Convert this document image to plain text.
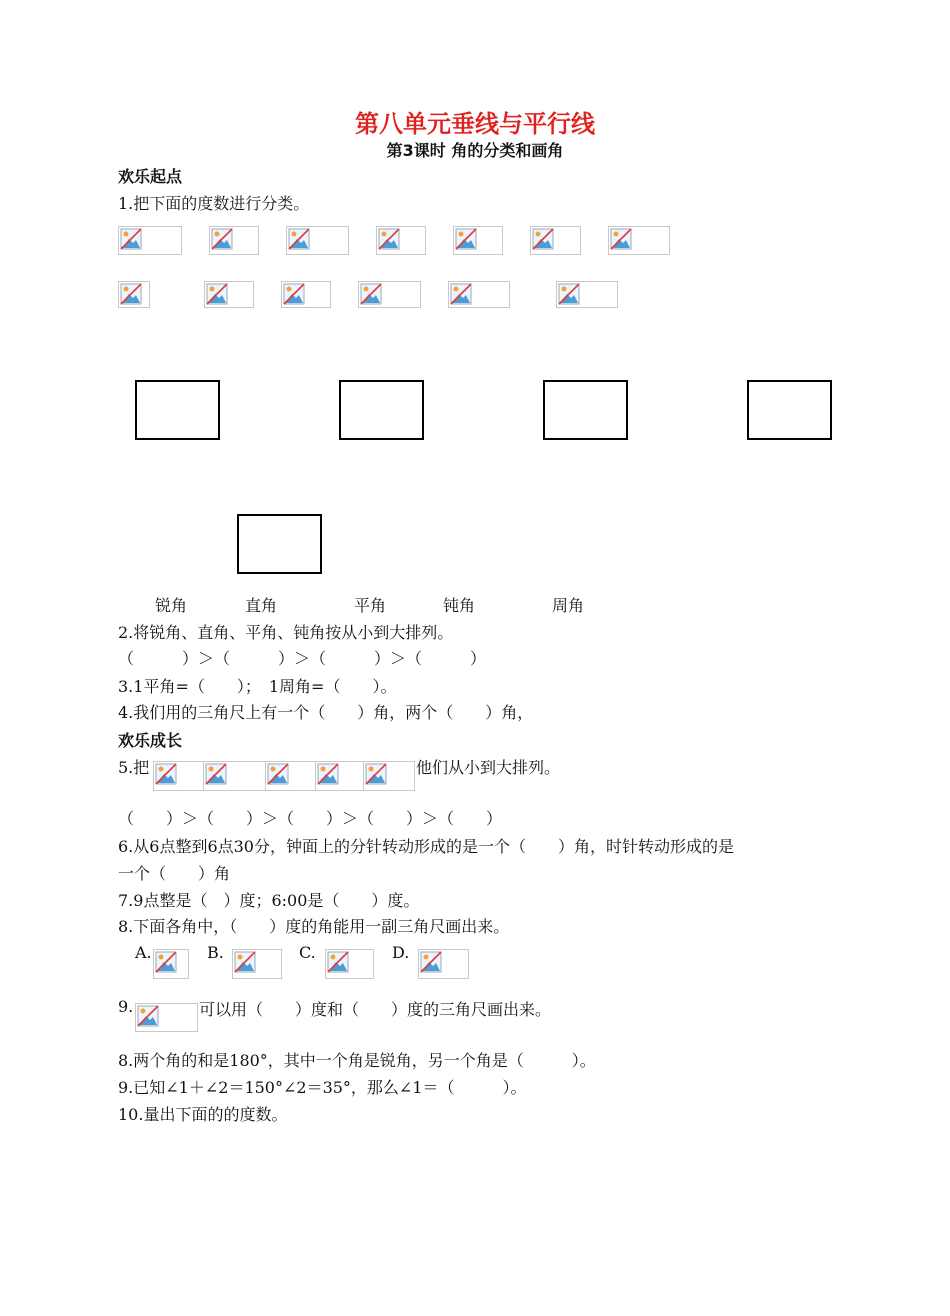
第八单元垂线与平行线
第3课时 角的分类和画角
欢乐起点
1.把下面的度数进行分类。
锐角	直角	平角	钝角	周角
2.将锐角、直角、平角、钝角按从小到大排列。
（　　　）＞（　　　）＞（　　　）＞（　　　）
3.1平角=（　　）；　1周角=（　　）。
4.我们用的三角尺上有一个（　　）角，两个（　　）角，
欢乐成长
5.把	他们从小到大排列。
（　　）＞（　　）＞（　　）＞（　　）＞（　　）
6.从6点整到6点30分，钟面上的分针转动形成的是一个（　　）角，时针转动形成的是
一个（　　）角
7.9点整是（　）度；6:00是（　　）度。
8.下面各角中，（　　）度的角能用一副三角尺画出来。
A.	B.	C.	D.
9.	可以用（　　）度和（　　）度的三角尺画出来。
8.两个角的和是180°，其中一个角是锐角，另一个角是（　　　）。
9.已知∠1＋∠2＝150°∠2＝35°，那么∠1＝（　　　）。
10.量出下面的的度数。
